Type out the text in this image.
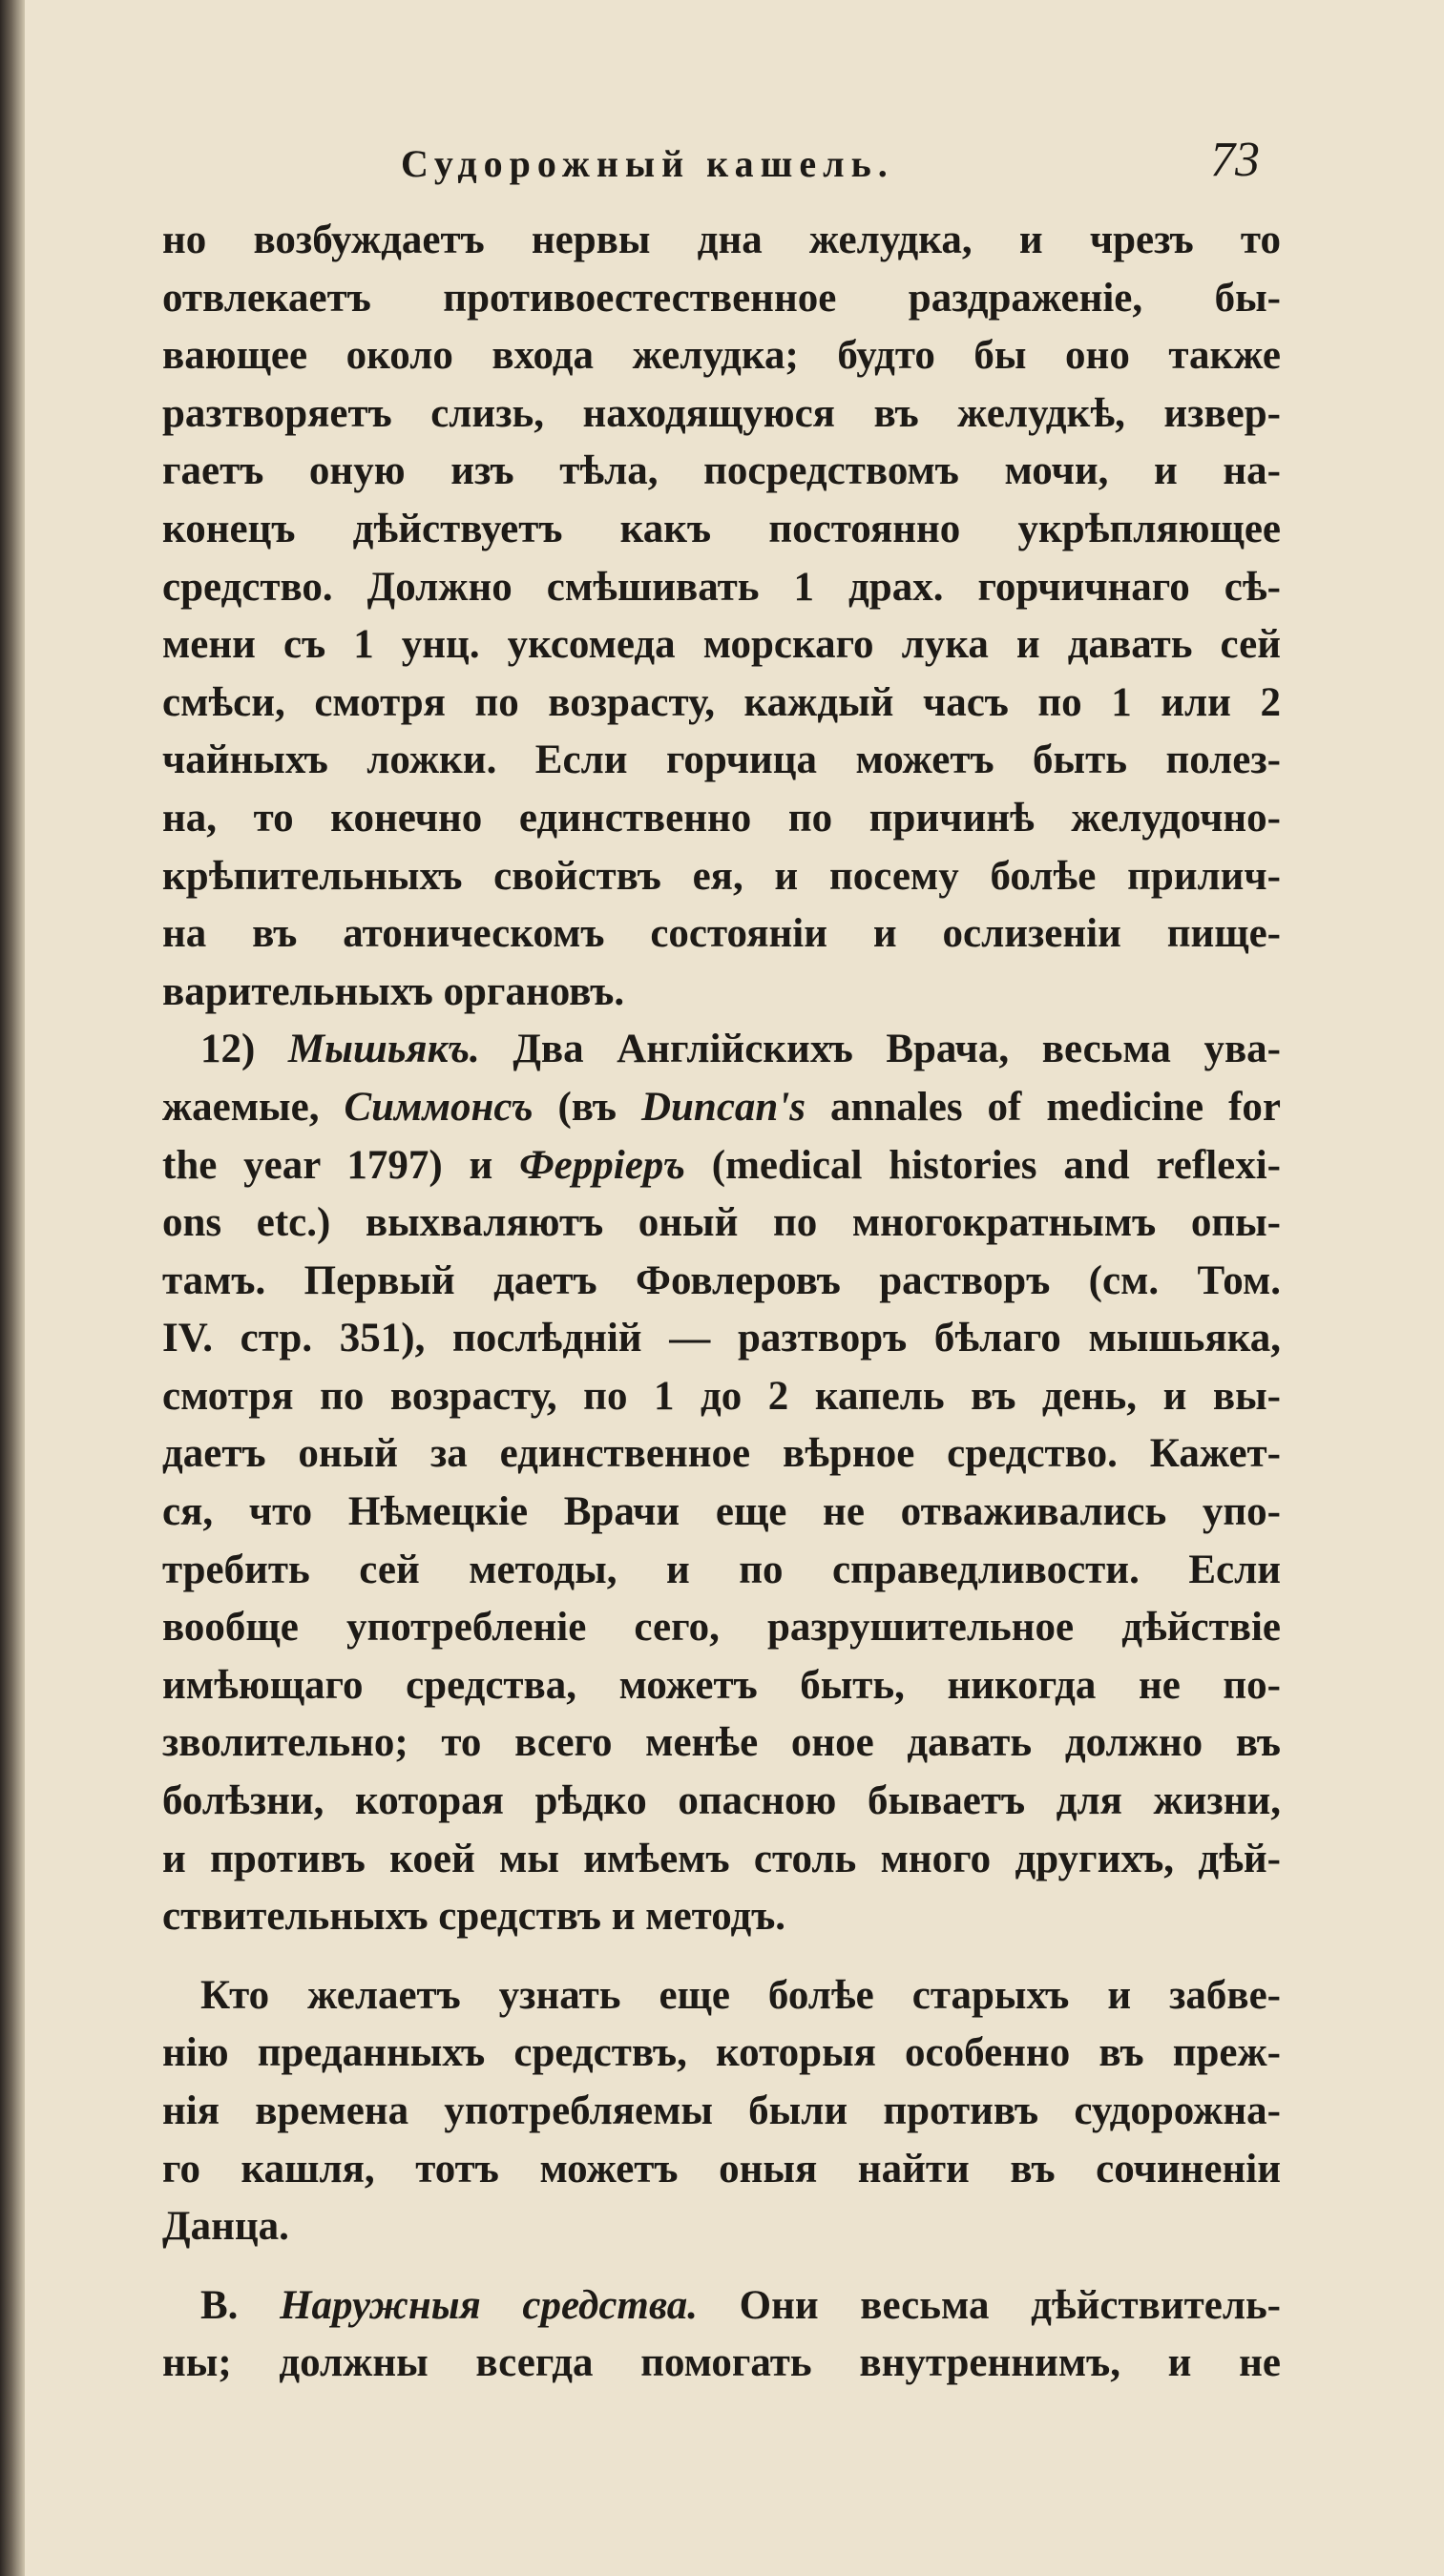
Судорожный кашель.	73
но возбуждаетъ нервы дна желудка, и чрезъ то
отвлекаетъ противоестественное раздраженіе, бы-
вающее около входа желудка; будто бы оно также
разтворяетъ слизь, находящуюся въ желудкѣ, извер-
гаетъ оную изъ тѣла, посредствомъ мочи, и на-
конецъ дѣйствуетъ какъ постоянно укрѣпляющее
средство. Должно смѣшивать 1 драх. горчичнаго сѣ-
мени съ 1 унц. уксомеда морскаго лука и давать сей
смѣси, смотря по возрасту, каждый часъ по 1 или 2
чайныхъ ложки. Если горчица можетъ быть полез-
на, то конечно единственно по причинѣ желудочно-
крѣпительныхъ свойствъ ея, и посему болѣе прилич-
на въ атоническомъ состояніи и ослизеніи пище-
варительныхъ органовъ.
12) Мышьякъ. Два Англійскихъ Врача, весьма ува-
жаемые, Симмонсъ (въ Duncan's annales of medicine for
the year 1797) и Ферріеръ (medical histories and reflexi-
ons etc.) выхваляютъ оный по многократнымъ опы-
тамъ. Первый даетъ Фовлеровъ растворъ (см. Том.
IV. стр. 351), послѣдній — разтворъ бѣлаго мышьяка,
смотря по возрасту, по 1 до 2 капель въ день, и вы-
даетъ оный за единственное вѣрное средство. Кажет-
ся, что Нѣмецкіе Врачи еще не отваживались упо-
требить сей методы, и по справедливости. Если
вообще употребленіе сего, разрушительное дѣйствіе
имѣющаго средства, можетъ быть, никогда не по-
зволительно; то всего менѣе оное давать должно въ
болѣзни, которая рѣдко опасною бываетъ для жизни,
и противъ коей мы имѣемъ столь много другихъ, дѣй-
ствительныхъ средствъ и методъ.
Кто желаетъ узнать еще болѣе старыхъ и забве-
нію преданныхъ средствъ, которыя особенно въ преж-
нія времена употребляемы были противъ судорожна-
го кашля, тотъ можетъ оныя найти въ сочиненіи
Данца.
B. Наружныя средства. Они весьма дѣйствитель-
ны; должны всегда помогать внутреннимъ, и не
